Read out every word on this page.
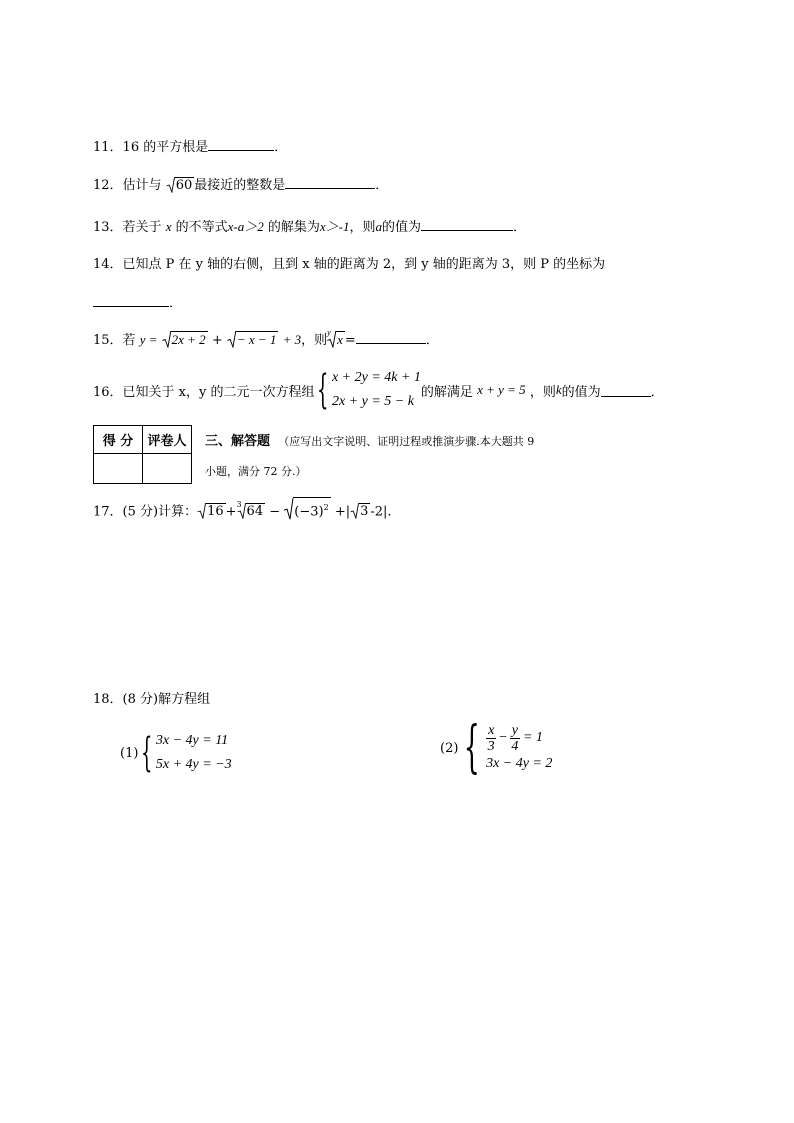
11．16 的平方根是	．
12．估计与 60 最接近的整数是	．
13．若关于 x 的不等式x-a＞2 的解集为x＞-1，则a的值为	．
14．已知点 P 在 y 轴的右侧，且到 x 轴的距离为 2，到 y 轴的距离为 3，则 P 的坐标为
．
15．若 y = 2x + 2 + − x − 1 + 3，则
y x =	．
16．已知关于 x，y 的二元一次方程组 { x + 2y = 4k + 1
2x + y = 5 − k
的解满足
x + y = 5
，则 k 的值为	．
得 分	评卷人
	三、解答题 （应写出文字说明、证明过程或推演步骤.本大题共 9
小题，满分 72 分.）
17．(5 分)计算： 16 + 3 $64 - (-3)^2$ +| 3 -2|.
18．(8 分)解方程组
(1) { 3x − 4y = 11
5x + 4y = −3
(2) { $\frac{x}{3} - \frac{y}{4} = 1$
3x − 4y = 2
